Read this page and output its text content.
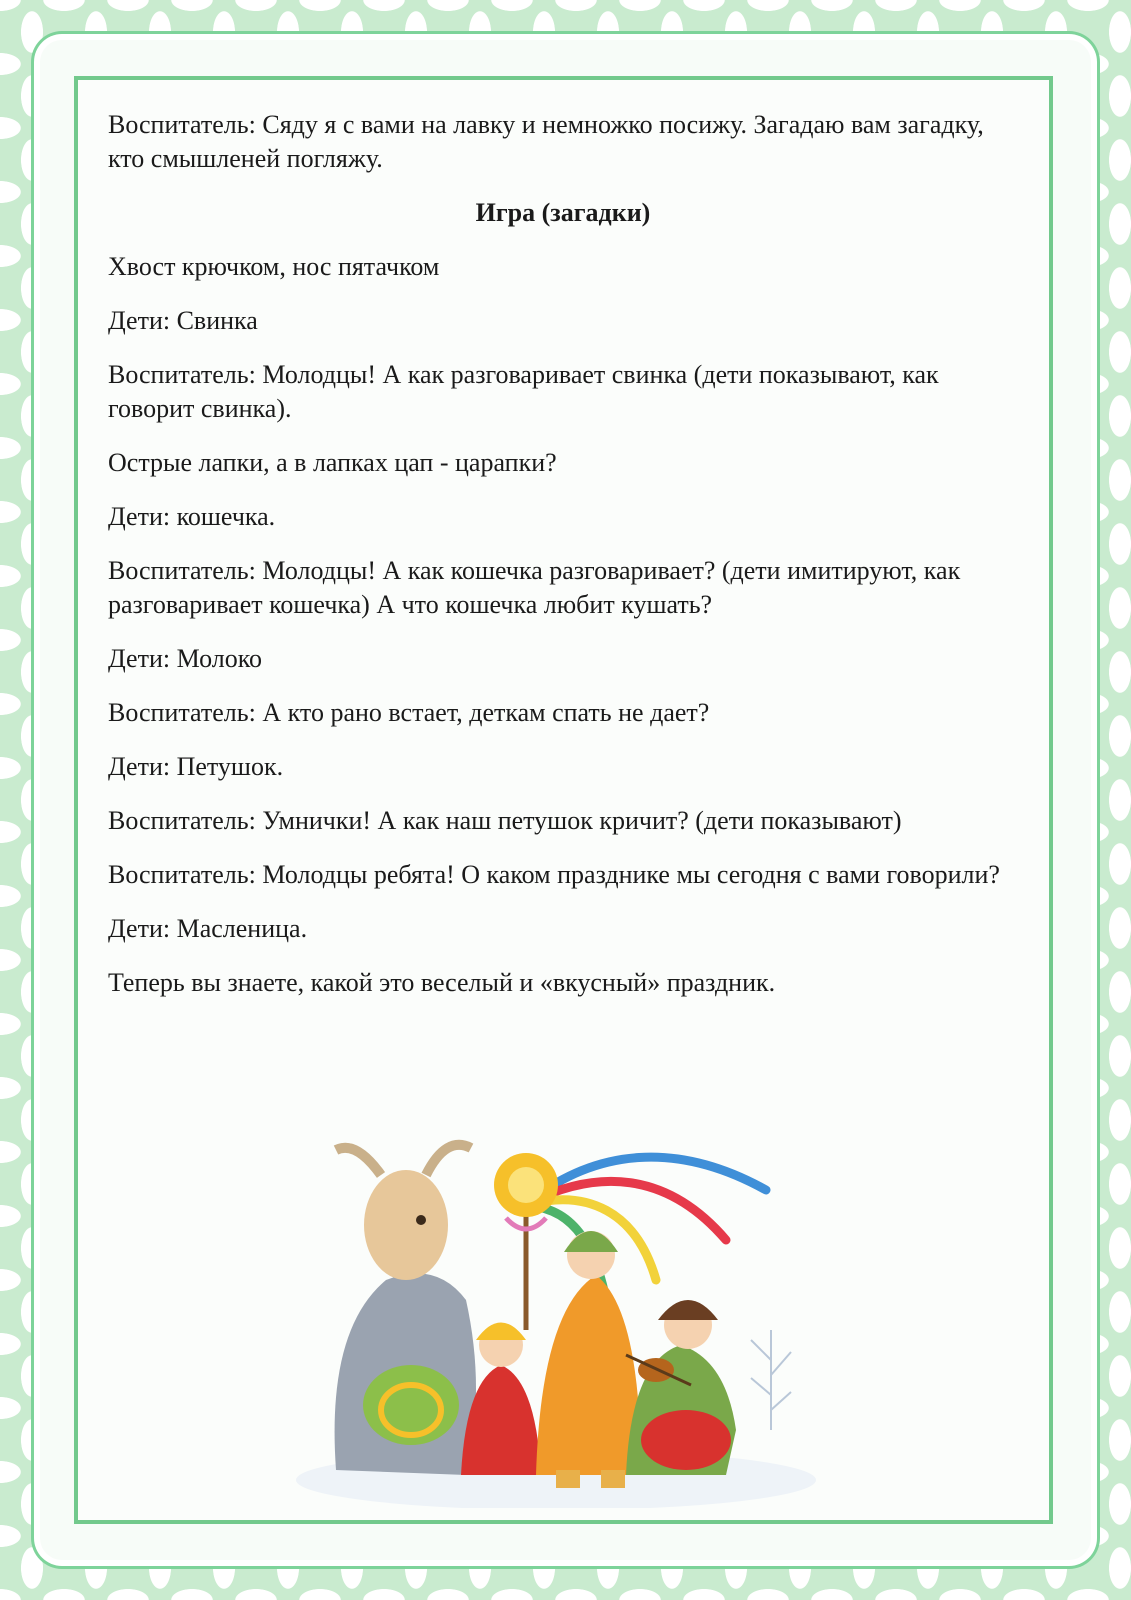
Воспитатель: Сяду я с вами на лавку и немножко посижу. Загадаю вам загадку, кто смышленей погляжу.

Игра (загадки)

Хвост крючком, нос пятачком

Дети: Свинка

Воспитатель: Молодцы! А как разговаривает свинка (дети показывают, как говорит свинка).

Острые лапки, а в лапках цап - царапки?

Дети: кошечка.

Воспитатель: Молодцы! А как кошечка разговаривает? (дети имитируют, как разговаривает кошечка) А что кошечка любит кушать?

Дети: Молоко

Воспитатель: А кто рано встает, деткам спать не дает?

Дети: Петушок.

Воспитатель: Умнички! А как наш петушок кричит? (дети показывают)

Воспитатель: Молодцы ребята! О каком празднике мы сегодня с вами говорили?

Дети: Масленица.

Теперь вы знаете, какой это веселый и «вкусный» праздник.
